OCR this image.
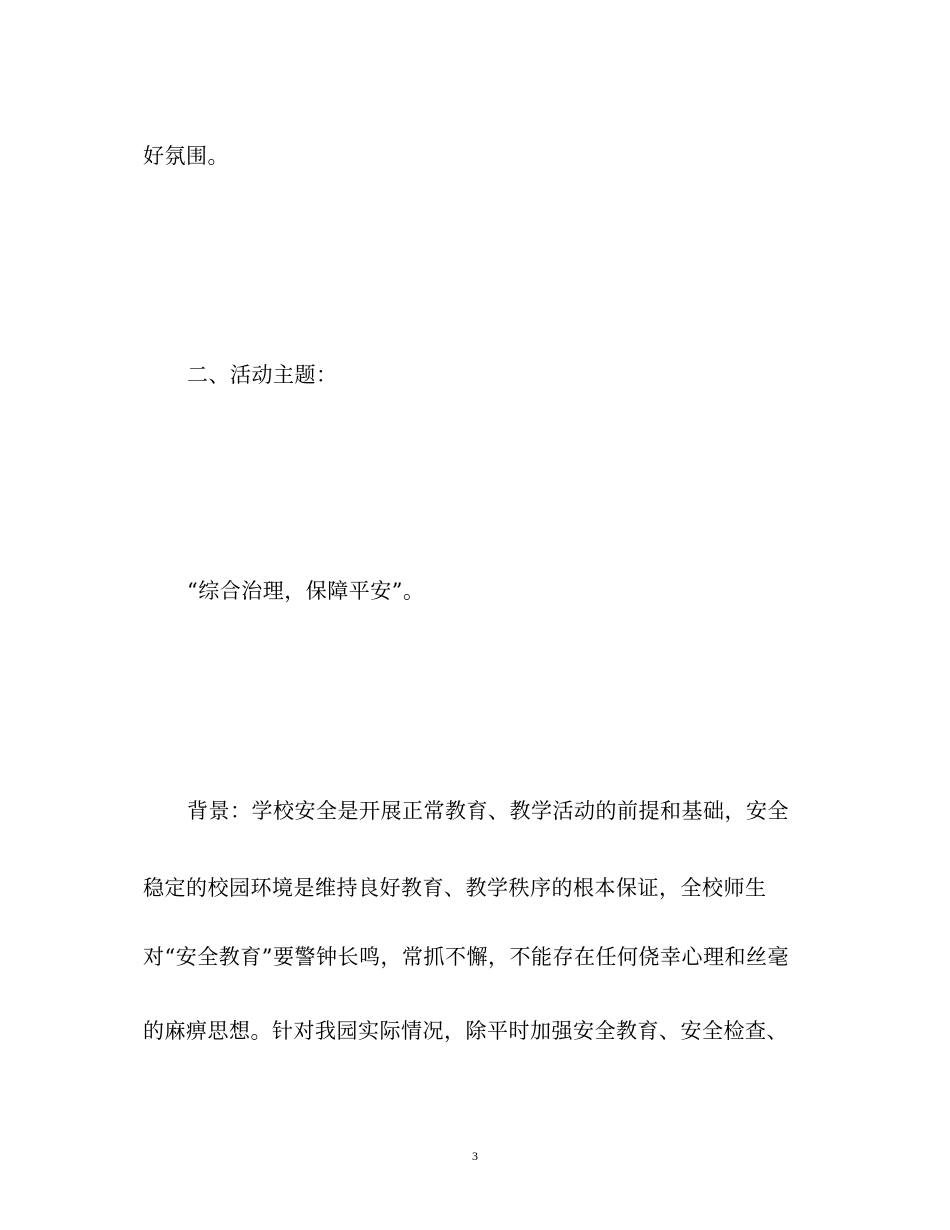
好氛围。
二、活动主题：
“综合治理，保障平安”。
背景：学校安全是开展正常教育、教学活动的前提和基础，安全
稳定的校园环境是维持良好教育、教学秩序的根本保证，全校师生
对“安全教育”要警钟长鸣，常抓不懈，不能存在任何侥幸心理和丝毫
的麻痹思想。针对我园实际情况，除平时加强安全教育、安全检查、
3
